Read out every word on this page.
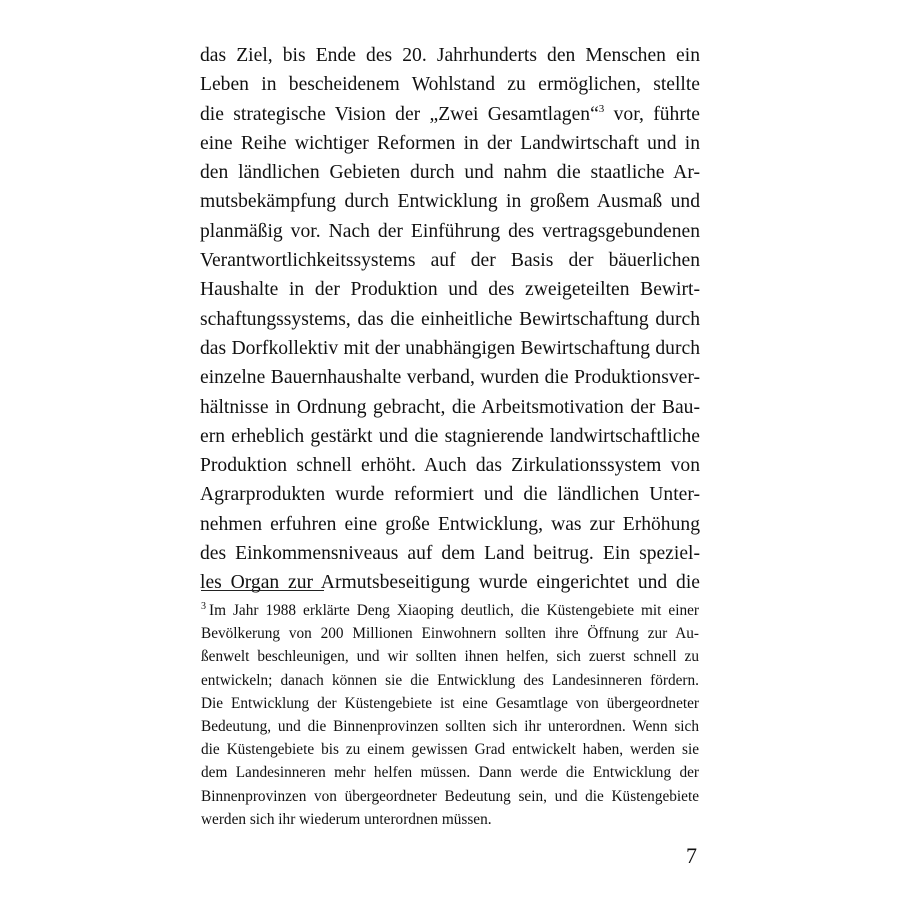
das Ziel, bis Ende des 20. Jahrhunderts den Menschen ein
Leben in bescheidenem Wohlstand zu ermöglichen, stellte
die strategische Vision der „Zwei Gesamtlagen“$^3$ vor, führte
eine Reihe wichtiger Reformen in der Landwirtschaft und in
den ländlichen Gebieten durch und nahm die staatliche Ar-
mutsbekämpfung durch Entwicklung in großem Ausmaß und
planmäßig vor. Nach der Einführung des vertragsgebundenen
Verantwortlichkeitssystems auf der Basis der bäuerlichen
Haushalte in der Produktion und des zweigeteilten Bewirt-
schaftungssystems, das die einheitliche Bewirtschaftung durch
das Dorfkollektiv mit der unabhängigen Bewirtschaftung durch
einzelne Bauernhaushalte verband, wurden die Produktionsver-
hältnisse in Ordnung gebracht, die Arbeitsmotivation der Bau-
ern erheblich gestärkt und die stagnierende landwirtschaftliche
Produktion schnell erhöht. Auch das Zirkulationssystem von
Agrarprodukten wurde reformiert und die ländlichen Unter-
nehmen erfuhren eine große Entwicklung, was zur Erhöhung
des Einkommensniveaus auf dem Land beitrug. Ein speziel-
les Organ zur Armutsbeseitigung wurde eingerichtet und die
$^3$ Im Jahr 1988 erklärte Deng Xiaoping deutlich, die Küstengebiete mit einer
Bevölkerung von 200 Millionen Einwohnern sollten ihre Öffnung zur Au-
ßenwelt beschleunigen, und wir sollten ihnen helfen, sich zuerst schnell zu
entwickeln; danach können sie die Entwicklung des Landesinneren fördern.
Die Entwicklung der Küstengebiete ist eine Gesamtlage von übergeordneter
Bedeutung, und die Binnenprovinzen sollten sich ihr unterordnen. Wenn sich
die Küstengebiete bis zu einem gewissen Grad entwickelt haben, werden sie
dem Landesinneren mehr helfen müssen. Dann werde die Entwicklung der
Binnenprovinzen von übergeordneter Bedeutung sein, und die Küstengebiete
werden sich ihr wiederum unterordnen müssen.
7
